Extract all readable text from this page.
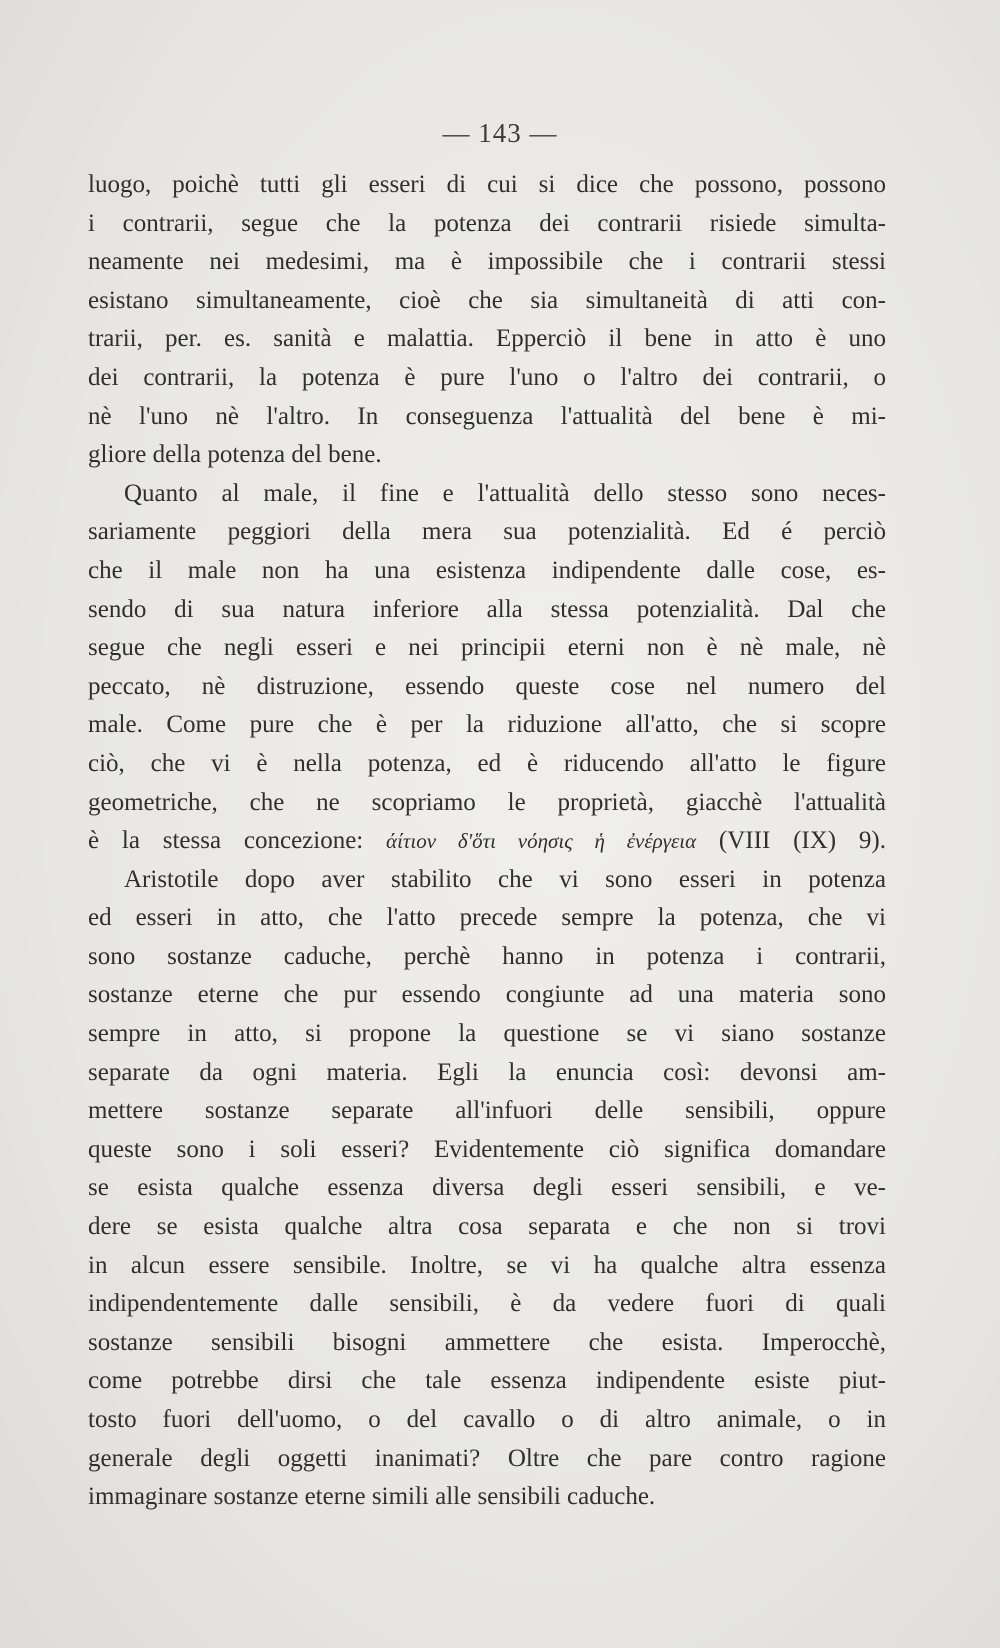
— 143 —
luogo, poichè tutti gli esseri di cui si dice che possono, possono
i contrarii, segue che la potenza dei contrarii risiede simulta-
neamente nei medesimi, ma è impossibile che i contrarii stessi
esistano simultaneamente, cioè che sia simultaneità di atti con-
trarii, per. es. sanità e malattia. Epperciò il bene in atto è uno
dei contrarii, la potenza è pure l'uno o l'altro dei contrarii, o
nè l'uno nè l'altro. In conseguenza l'attualità del bene è mi-
gliore della potenza del bene.
Quanto al male, il fine e l'attualità dello stesso sono neces-
sariamente peggiori della mera sua potenzialità. Ed é perciò
che il male non ha una esistenza indipendente dalle cose, es-
sendo di sua natura inferiore alla stessa potenzialità. Dal che
segue che negli esseri e nei principii eterni non è nè male, nè
peccato, nè distruzione, essendo queste cose nel numero del
male. Come pure che è per la riduzione all'atto, che si scopre
ciò, che vi è nella potenza, ed è riducendo all'atto le figure
geometriche, che ne scopriamo le proprietà, giacchè l'attualità
è la stessa concezione: άίτιον δ'ὅτι νόησις ἡ ἐνέργεια (VIII (IX) 9).
Aristotile dopo aver stabilito che vi sono esseri in potenza
ed esseri in atto, che l'atto precede sempre la potenza, che vi
sono sostanze caduche, perchè hanno in potenza i contrarii,
sostanze eterne che pur essendo congiunte ad una materia sono
sempre in atto, si propone la questione se vi siano sostanze
separate da ogni materia. Egli la enuncia così: devonsi am-
mettere sostanze separate all'infuori delle sensibili, oppure
queste sono i soli esseri? Evidentemente ciò significa domandare
se esista qualche essenza diversa degli esseri sensibili, e ve-
dere se esista qualche altra cosa separata e che non si trovi
in alcun essere sensibile. Inoltre, se vi ha qualche altra essenza
indipendentemente dalle sensibili, è da vedere fuori di quali
sostanze sensibili bisogni ammettere che esista. Imperocchè,
come potrebbe dirsi che tale essenza indipendente esiste piut-
tosto fuori dell'uomo, o del cavallo o di altro animale, o in
generale degli oggetti inanimati? Oltre che pare contro ragione
immaginare sostanze eterne simili alle sensibili caduche.
